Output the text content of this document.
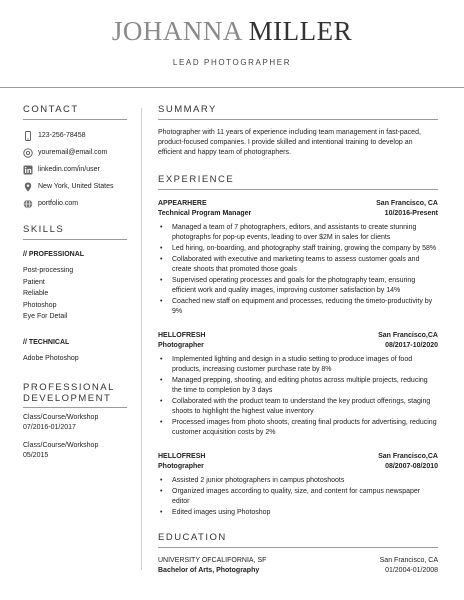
JOHANNA MILLER
LEAD PHOTOGRAPHER
CONTACT
123-256-78458
youremail@email.com
linkedin.com/in/user
New York, United States
portfolio.com
SKILLS
// PROFESSIONAL
Post-processing
Patient
Reliable
Photoshop
Eye For Detail
// TECHNICAL
Adobe Photoshop
PROFESSIONAL
DEVELOPMENT
Class/Course/Workshop
07/2016-01/2017
Class/Course/Workshop
05/2015
SUMMARY
Photographer with 11 years of experience including team management in fast-paced, product-focused companies. I provide skilled and intentional training to develop an efficient and happy team of photographers.
EXPERIENCE
APPEARHERE	San Francisco, CA
Technical Program Manager	10/2016-Present
• Managed a team of 7 photographers, editors, and assistants to create stunning photographs for pop-up events, leading to over $2M in sales for clients
• Led hiring, on-boarding, and photography staff training, growing the company by 58%
• Collaborated with executive and marketing teams to assess customer goals and create shoots that promoted those goals
• Supervised operating processes and goals for the photography team, ensuring efficient work and quality images, improving customer satisfaction by 14%
• Coached new staff on equipment and processes, reducing the timeto-productivity by 9%
HELLOFRESH	San Francisco,CA
Photographer	08/2017-10/2020
• Implemented lighting and design in a studio setting to produce images of food products, increasing customer purchase rate by 8%
• Managed prepping, shooting, and editing photos across multiple projects, reducing the time to completion by 3 days
• Collaborated with the product team to understand the key product offerings, staging shoots to highlight the highest value inventory
• Processed images from photo shoots, creating final products for advertising, reducing customer acquisition costs by 2%
HELLOFRESH	San Francisco,CA
Photographer	08/2007-08/2010
• Assisted 2 junior photographers in campus photoshoots
• Organized images according to quality, size, and content for campus newspaper editor
• Edited images using Photoshop
EDUCATION
UNIVERSITY OFCALIFORNIA, SF	San Francisco, CA
Bachelor of Arts, Photography	01/2004-01/2008
